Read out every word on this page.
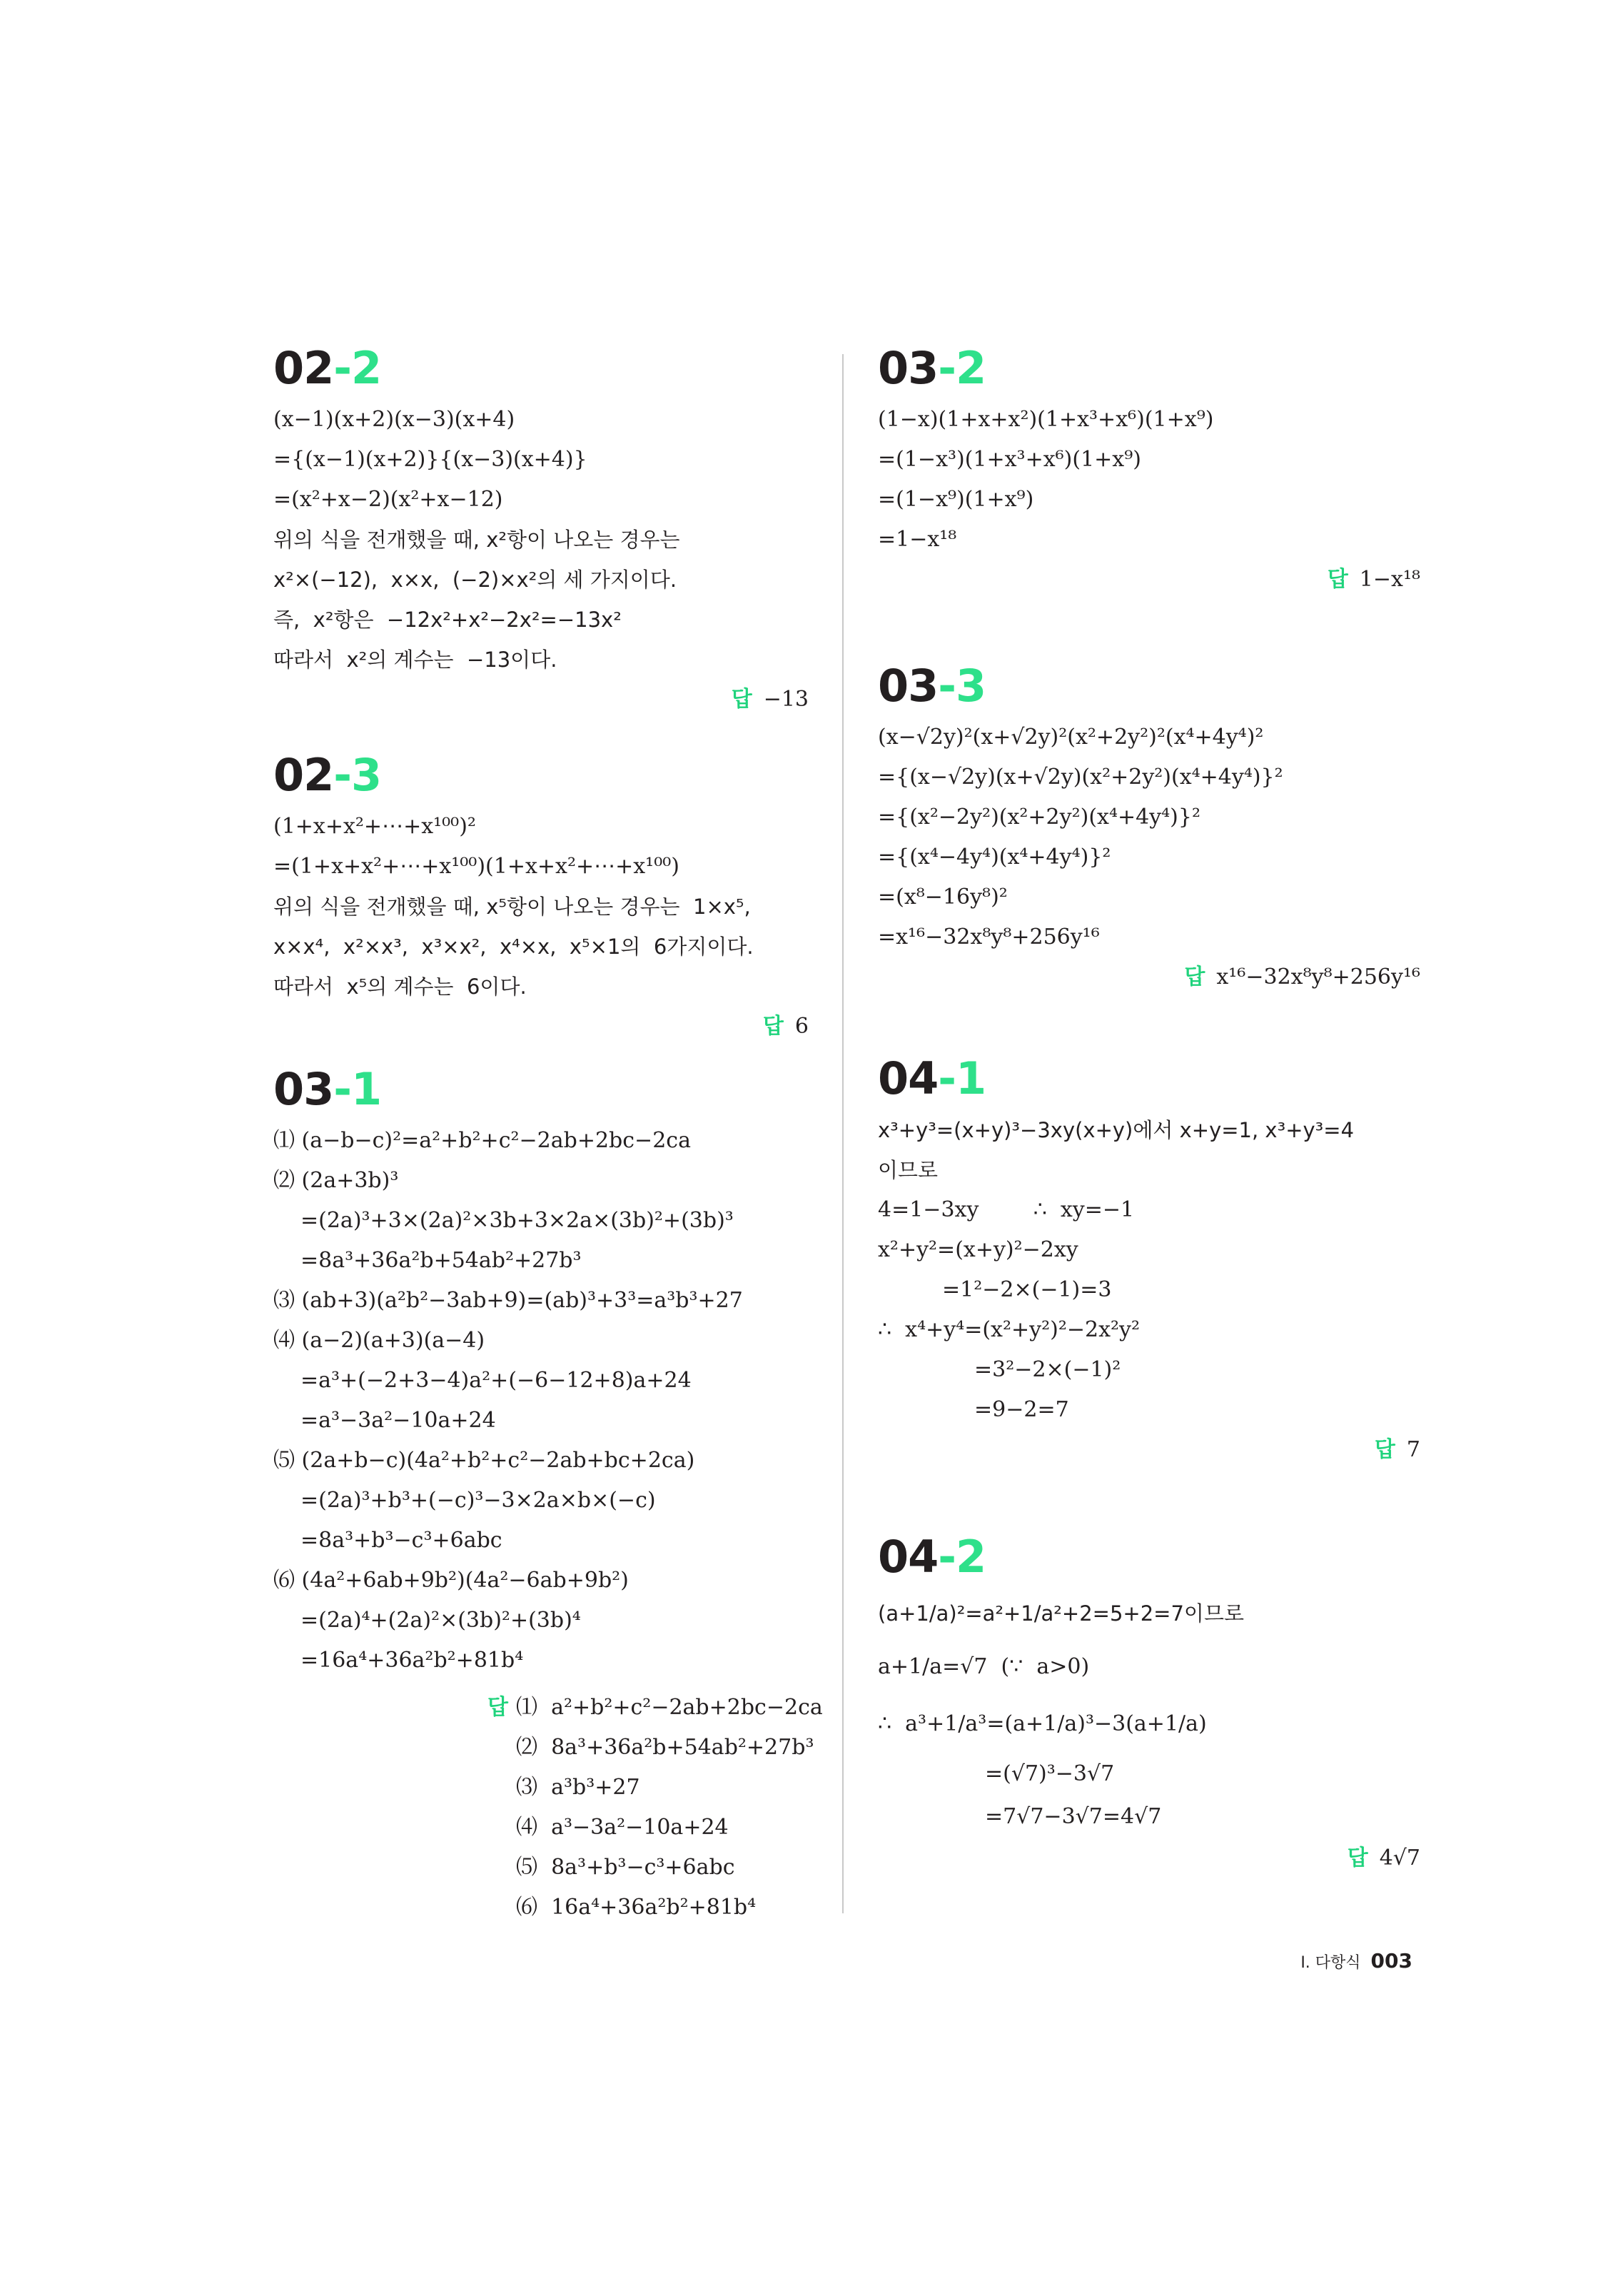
02-2
(x−1)(x+2)(x−3)(x+4)
={(x−1)(x+2)}{(x−3)(x+4)}
=(x²+x−2)(x²+x−12)
위의 식을 전개했을 때, x²항이 나오는 경우는
x²×(−12),  x×x,  (−2)×x²의 세 가지이다.
즉,  x²항은  −12x²+x²−2x²=−13x²
따라서  x²의 계수는  −13이다.
답 −13
02-3
(1+x+x²+⋯+x¹⁰⁰)²
=(1+x+x²+⋯+x¹⁰⁰)(1+x+x²+⋯+x¹⁰⁰)
위의 식을 전개했을 때, x⁵항이 나오는 경우는  1×x⁵,
x×x⁴,  x²×x³,  x³×x²,  x⁴×x,  x⁵×1의  6가지이다.
따라서  x⁵의 계수는  6이다.
답 6
03-1
⑴ (a−b−c)²=a²+b²+c²−2ab+2bc−2ca
⑵ (2a+3b)³
=(2a)³+3×(2a)²×3b+3×2a×(3b)²+(3b)³
=8a³+36a²b+54ab²+27b³
⑶ (ab+3)(a²b²−3ab+9)=(ab)³+3³=a³b³+27
⑷ (a−2)(a+3)(a−4)
=a³+(−2+3−4)a²+(−6−12+8)a+24
=a³−3a²−10a+24
⑸ (2a+b−c)(4a²+b²+c²−2ab+bc+2ca)
=(2a)³+b³+(−c)³−3×2a×b×(−c)
=8a³+b³−c³+6abc
⑹ (4a²+6ab+9b²)(4a²−6ab+9b²)
=(2a)⁴+(2a)²×(3b)²+(3b)⁴
=16a⁴+36a²b²+81b⁴
답 ⑴  a²+b²+c²−2ab+2bc−2ca
⑵  8a³+36a²b+54ab²+27b³
⑶  a³b³+27
⑷  a³−3a²−10a+24
⑸  8a³+b³−c³+6abc
⑹  16a⁴+36a²b²+81b⁴
03-2
(1−x)(1+x+x²)(1+x³+x⁶)(1+x⁹)
=(1−x³)(1+x³+x⁶)(1+x⁹)
=(1−x⁹)(1+x⁹)
=1−x¹⁸
답 1−x¹⁸
03-3
(x−√2y)²(x+√2y)²(x²+2y²)²(x⁴+4y⁴)²
={(x−√2y)(x+√2y)(x²+2y²)(x⁴+4y⁴)}²
={(x²−2y²)(x²+2y²)(x⁴+4y⁴)}²
={(x⁴−4y⁴)(x⁴+4y⁴)}²
=(x⁸−16y⁸)²
=x¹⁶−32x⁸y⁸+256y¹⁶
답 x¹⁶−32x⁸y⁸+256y¹⁶
04-1
x³+y³=(x+y)³−3xy(x+y)에서 x+y=1, x³+y³=4
이므로
4=1−3xy        ∴  xy=−1
x²+y²=(x+y)²−2xy
=1²−2×(−1)=3
∴  x⁴+y⁴=(x²+y²)²−2x²y²
=3²−2×(−1)²
=9−2=7
답 7
04-2
(a+1/a)²=a²+1/a²+2=5+2=7이므로
a+1/a=√7  (∵  a>0)
∴  a³+1/a³=(a+1/a)³−3(a+1/a)
=(√7)³−3√7
=7√7−3√7=4√7
답 4√7
I. 다항식 003
